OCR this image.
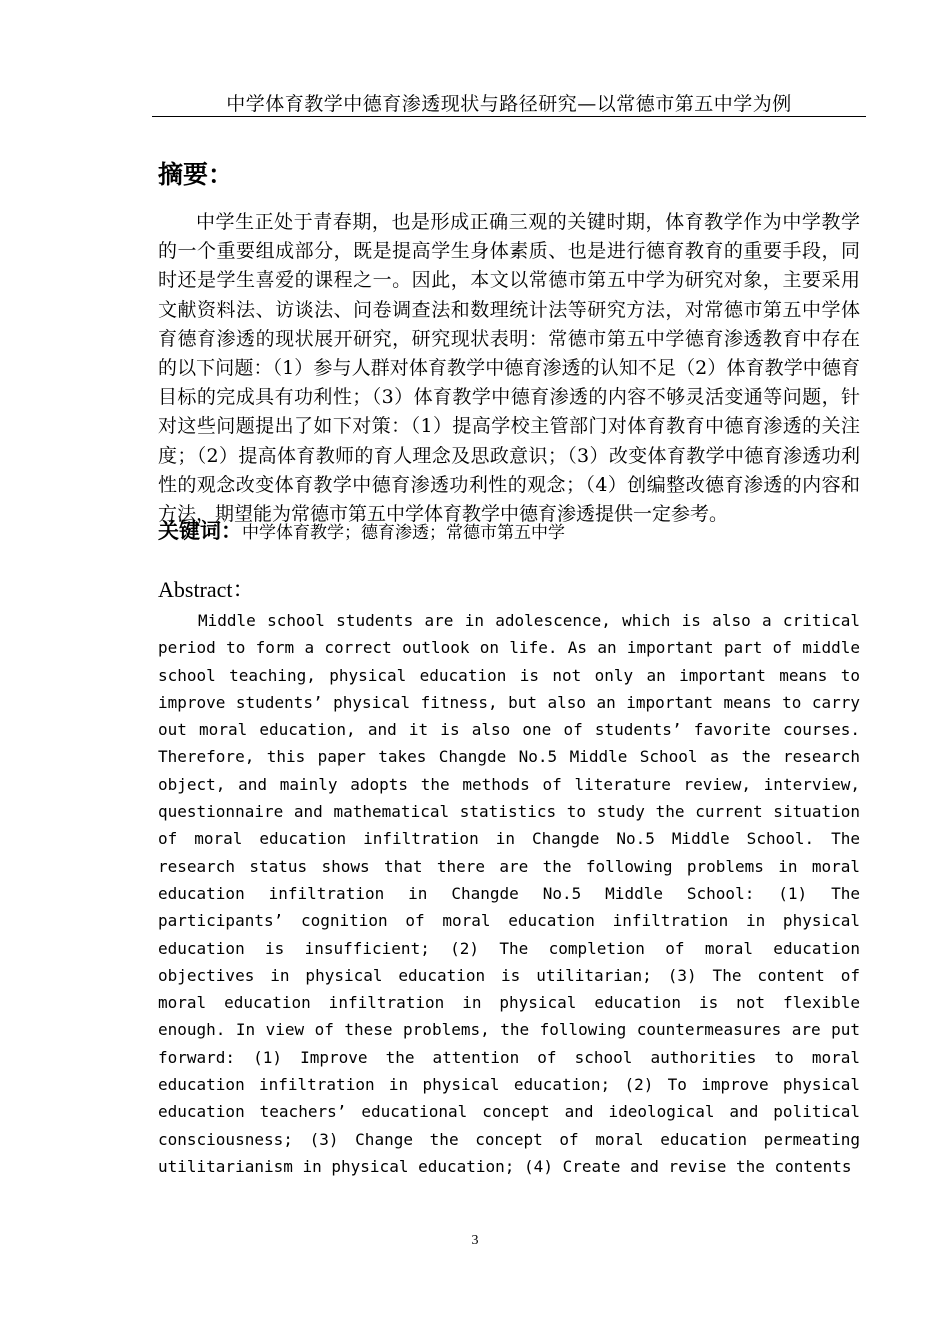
中学体育教学中德育渗透现状与路径研究—以常德市第五中学为例
摘要：
中学生正处于青春期，也是形成正确三观的关键时期，体育教学作为中学教学的一个重要组成部分，既是提高学生身体素质、也是进行德育教育的重要手段，同时还是学生喜爱的课程之一。因此，本文以常德市第五中学为研究对象，主要采用文献资料法、访谈法、问卷调查法和数理统计法等研究方法，对常德市第五中学体育德育渗透的现状展开研究，研究现状表明：常德市第五中学德育渗透教育中存在的以下问题：（1）参与人群对体育教学中德育渗透的认知不足（2）体育教学中德育目标的完成具有功利性；（3）体育教学中德育渗透的内容不够灵活变通等问题，针对这些问题提出了如下对策：（1）提高学校主管部门对体育教育中德育渗透的关注度；（2）提高体育教师的育人理念及思政意识；（3）改变体育教学中德育渗透功利性的观念改变体育教学中德育渗透功利性的观念；（4）创编整改德育渗透的内容和方法，期望能为常德市第五中学体育教学中德育渗透提供一定参考。
关键词：中学体育教学；德育渗透；常德市第五中学
Abstract：
Middle school students are in adolescence, which is also a critical period to form a correct outlook on life. As an important part of middle school teaching, physical education is not only an important means to improve students’ physical fitness, but also an important means to carry out moral education, and it is also one of students’ favorite courses. Therefore, this paper takes Changde No.5 Middle School as the research object, and mainly adopts the methods of literature review, interview, questionnaire and mathematical statistics to study the current situation of moral education infiltration in Changde No.5 Middle School. The research status shows that there are the following problems in moral education infiltration in Changde No.5 Middle School: (1) The participants’ cognition of moral education infiltration in physical education is insufficient; (2) The completion of moral education objectives in physical education is utilitarian; (3) The content of moral education infiltration in physical education is not flexible enough. In view of these problems, the following countermeasures are put forward: (1) Improve the attention of school authorities to moral education infiltration in physical education; (2) To improve physical education teachers’ educational concept and ideological and political consciousness; (3) Change the concept of moral education permeating utilitarianism in physical education; (4) Create and revise the contents
3
